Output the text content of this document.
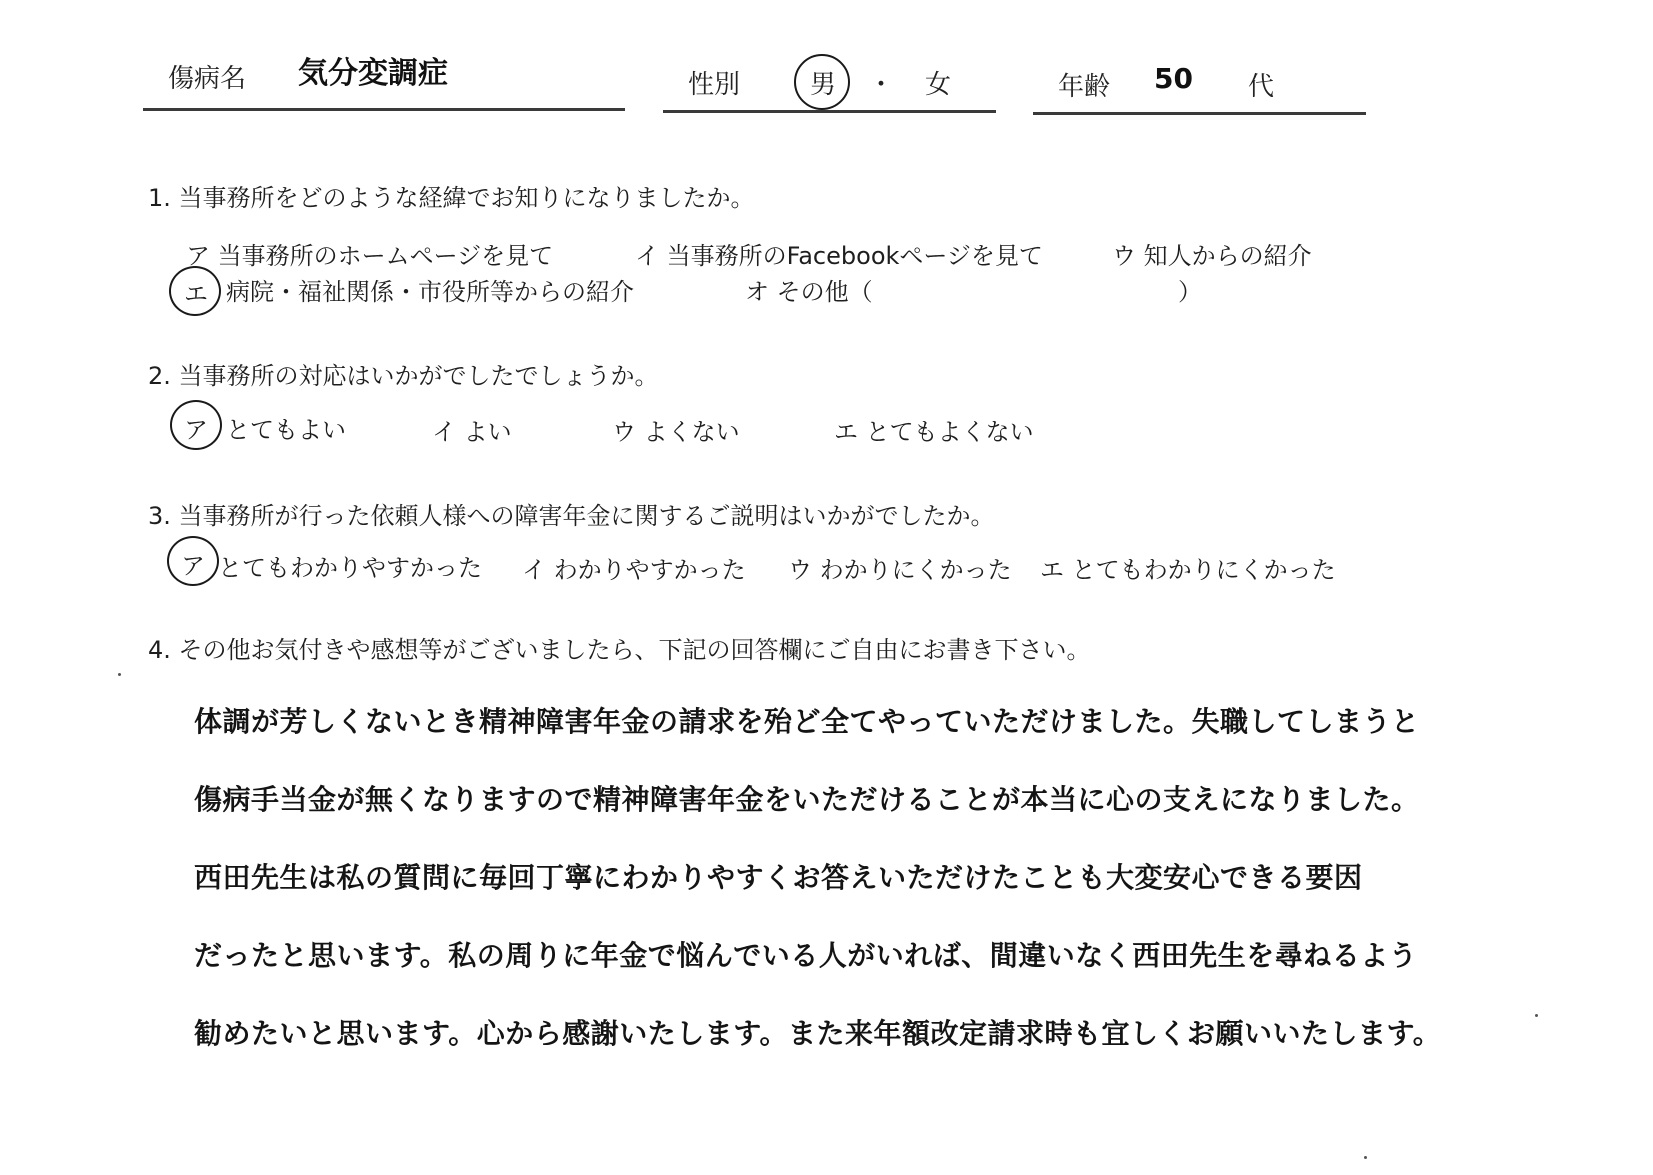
傷病名 気分変調症	性別	男 ・ 女	年齢 50 代
1. 当事務所をどのような経緯でお知りになりましたか。
ア 当事務所のホームページを見て	イ 当事務所のFacebookページを見て	ウ 知人からの紹介
エ 病院・福祉関係・市役所等からの紹介	オ その他（	）
2. 当事務所の対応はいかがでしたでしょうか。
ア とてもよい	イ よい	ウ よくない	エ とてもよくない
3. 当事務所が行った依頼人様への障害年金に関するご説明はいかがでしたか。
ア とてもわかりやすかった イ わかりやすかった ウ わかりにくかった エ とてもわかりにくかった
4. その他お気付きや感想等がございましたら、下記の回答欄にご自由にお書き下さい。
体調が芳しくないとき精神障害年金の請求を殆ど全てやっていただけました。失職してしまうと
傷病手当金が無くなりますので精神障害年金をいただけることが本当に心の支えになりました。
西田先生は私の質問に毎回丁寧にわかりやすくお答えいただけたことも大変安心できる要因
だったと思います。私の周りに年金で悩んでいる人がいれば、間違いなく西田先生を尋ねるよう
勧めたいと思います。心から感謝いたします。また来年額改定請求時も宜しくお願いいたします。
